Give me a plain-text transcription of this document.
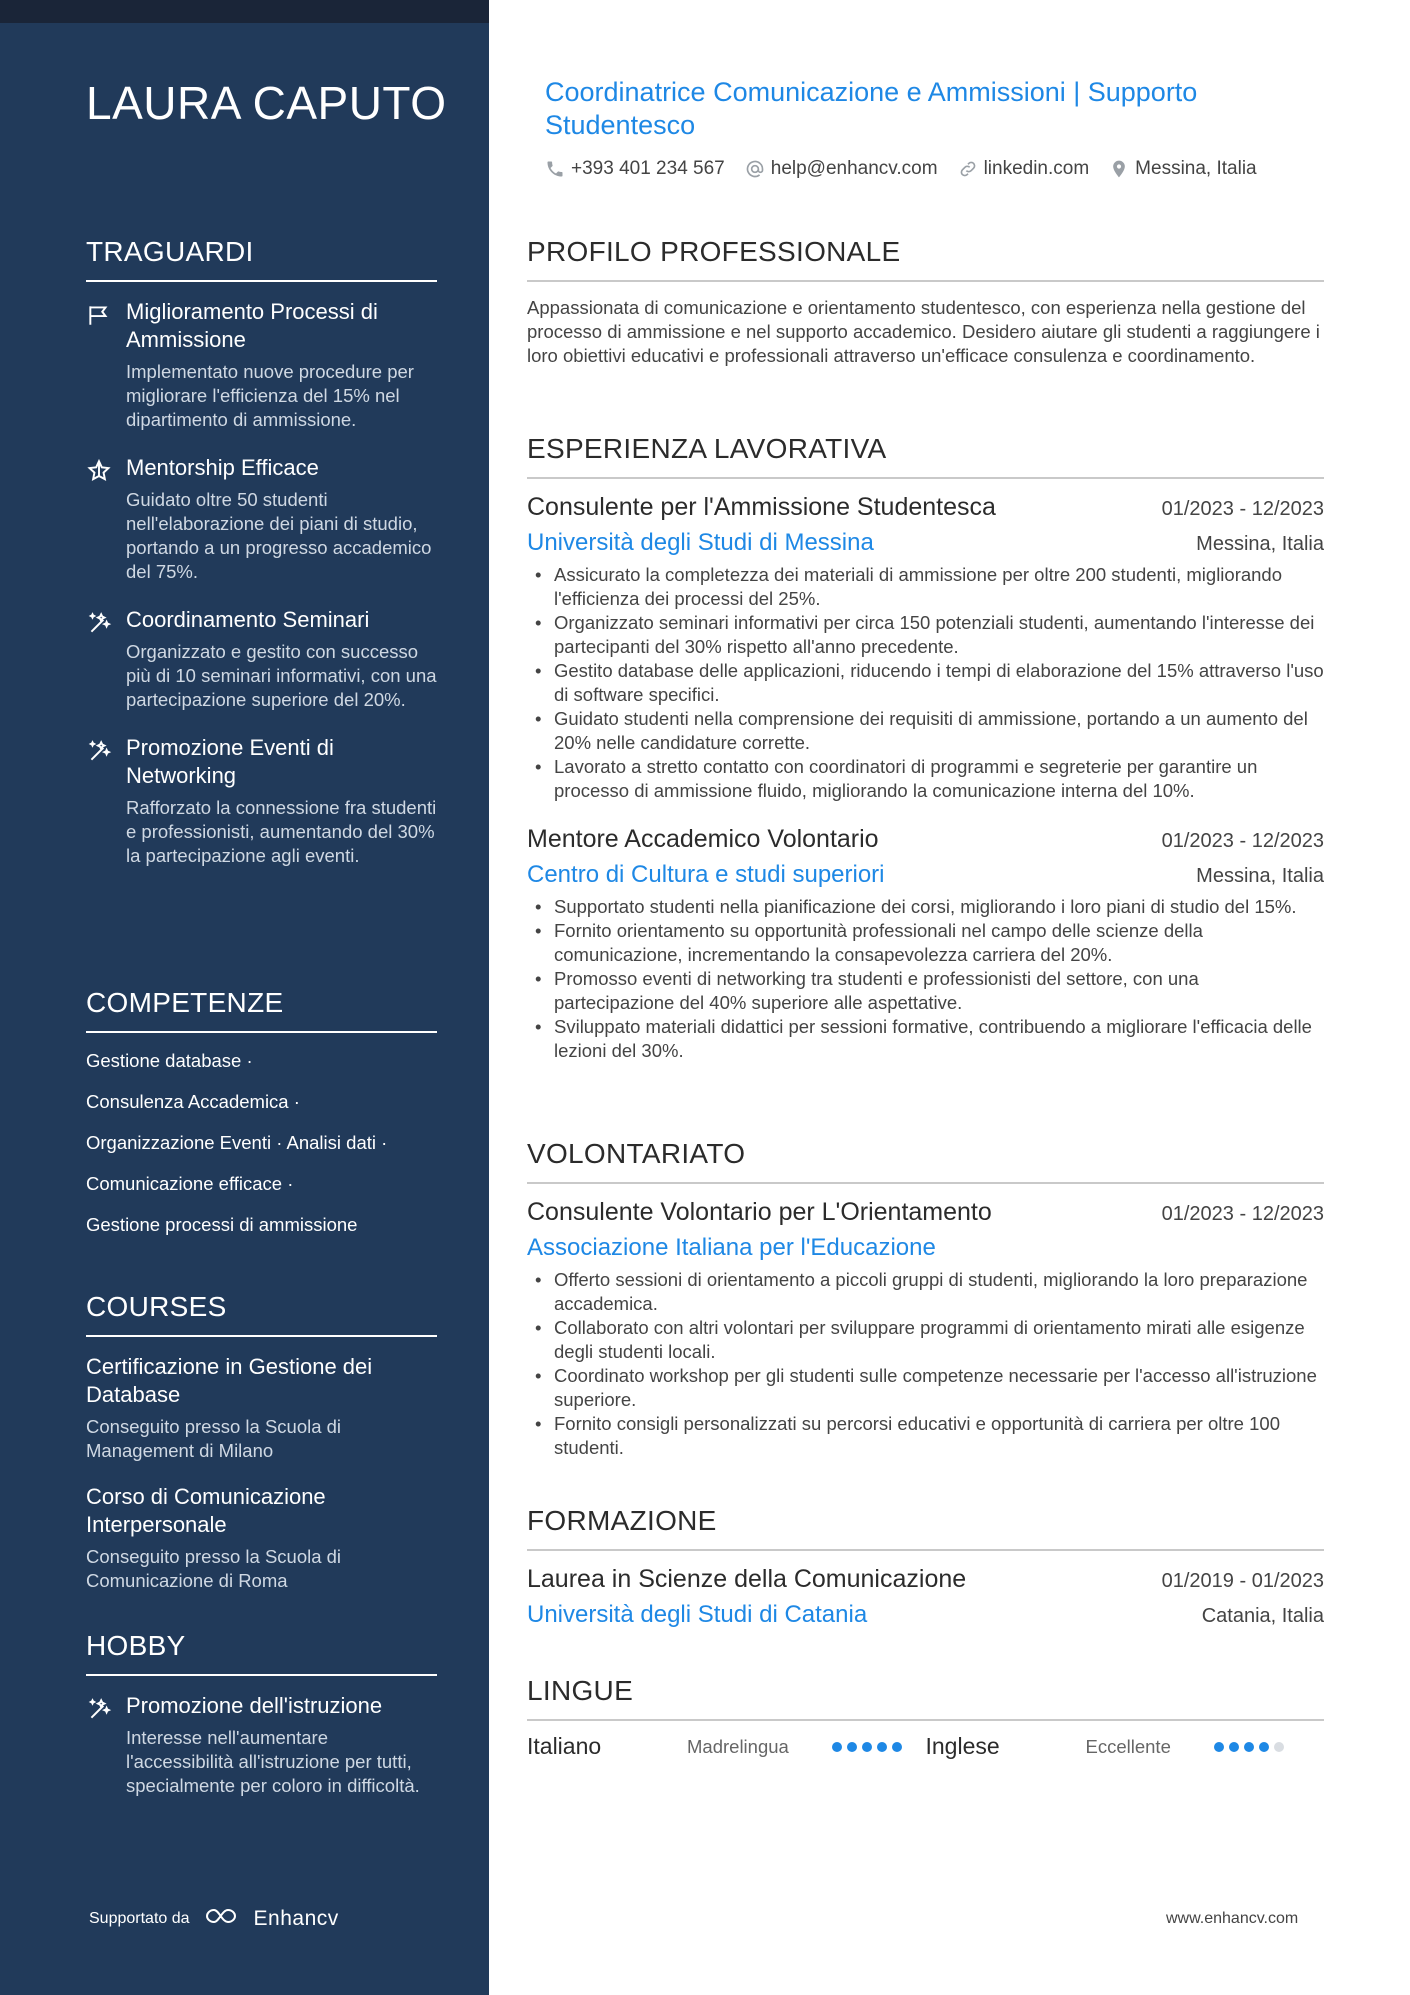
LAURA CAPUTO
TRAGUARDI
Miglioramento Processi di Ammissione
Implementato nuove procedure per migliorare l'efficienza del 15% nel dipartimento di ammissione.
Mentorship Efficace
Guidato oltre 50 studenti nell'elaborazione dei piani di studio, portando a un progresso accademico del 75%.
Coordinamento Seminari
Organizzato e gestito con successo più di 10 seminari informativi, con una partecipazione superiore del 20%.
Promozione Eventi di Networking
Rafforzato la connessione fra studenti e professionisti, aumentando del 30% la partecipazione agli eventi.
COMPETENZE
Gestione database ·
Consulenza Accademica ·
Organizzazione Eventi · Analisi dati ·
Comunicazione efficace ·
Gestione processi di ammissione
COURSES
Certificazione in Gestione dei Database
Conseguito presso la Scuola di Management di Milano
Corso di Comunicazione Interpersonale
Conseguito presso la Scuola di Comunicazione di Roma
HOBBY
Promozione dell'istruzione
Interesse nell'aumentare l'accessibilità all'istruzione per tutti, specialmente per coloro in difficoltà.
Supportato da	Enhancv
Coordinatrice Comunicazione e Ammissioni | Supporto Studentesco
+393 401 234 567 help@enhancv.com linkedin.com Messina, Italia
PROFILO PROFESSIONALE
Appassionata di comunicazione e orientamento studentesco, con esperienza nella gestione del processo di ammissione e nel supporto accademico. Desidero aiutare gli studenti a raggiungere i loro obiettivi educativi e professionali attraverso un'efficace consulenza e coordinamento.
ESPERIENZA LAVORATIVA
Consulente per l'Ammissione Studentesca	01/2023 - 12/2023
Università degli Studi di Messina	Messina, Italia
• Assicurato la completezza dei materiali di ammissione per oltre 200 studenti, migliorando l'efficienza dei processi del 25%.
• Organizzato seminari informativi per circa 150 potenziali studenti, aumentando l'interesse dei partecipanti del 30% rispetto all'anno precedente.
• Gestito database delle applicazioni, riducendo i tempi di elaborazione del 15% attraverso l'uso di software specifici.
• Guidato studenti nella comprensione dei requisiti di ammissione, portando a un aumento del 20% nelle candidature corrette.
• Lavorato a stretto contatto con coordinatori di programmi e segreterie per garantire un processo di ammissione fluido, migliorando la comunicazione interna del 10%.
Mentore Accademico Volontario	01/2023 - 12/2023
Centro di Cultura e studi superiori	Messina, Italia
• Supportato studenti nella pianificazione dei corsi, migliorando i loro piani di studio del 15%.
• Fornito orientamento su opportunità professionali nel campo delle scienze della comunicazione, incrementando la consapevolezza carriera del 20%.
• Promosso eventi di networking tra studenti e professionisti del settore, con una partecipazione del 40% superiore alle aspettative.
• Sviluppato materiali didattici per sessioni formative, contribuendo a migliorare l'efficacia delle lezioni del 30%.
VOLONTARIATO
Consulente Volontario per L'Orientamento	01/2023 - 12/2023
Associazione Italiana per l'Educazione
• Offerto sessioni di orientamento a piccoli gruppi di studenti, migliorando la loro preparazione accademica.
• Collaborato con altri volontari per sviluppare programmi di orientamento mirati alle esigenze degli studenti locali.
• Coordinato workshop per gli studenti sulle competenze necessarie per l'accesso all'istruzione superiore.
• Fornito consigli personalizzati su percorsi educativi e opportunità di carriera per oltre 100 studenti.
FORMAZIONE
Laurea in Scienze della Comunicazione	01/2019 - 01/2023
Università degli Studi di Catania	Catania, Italia
LINGUE
Italiano	Madrelingua	Inglese	Eccellente
www.enhancv.com
